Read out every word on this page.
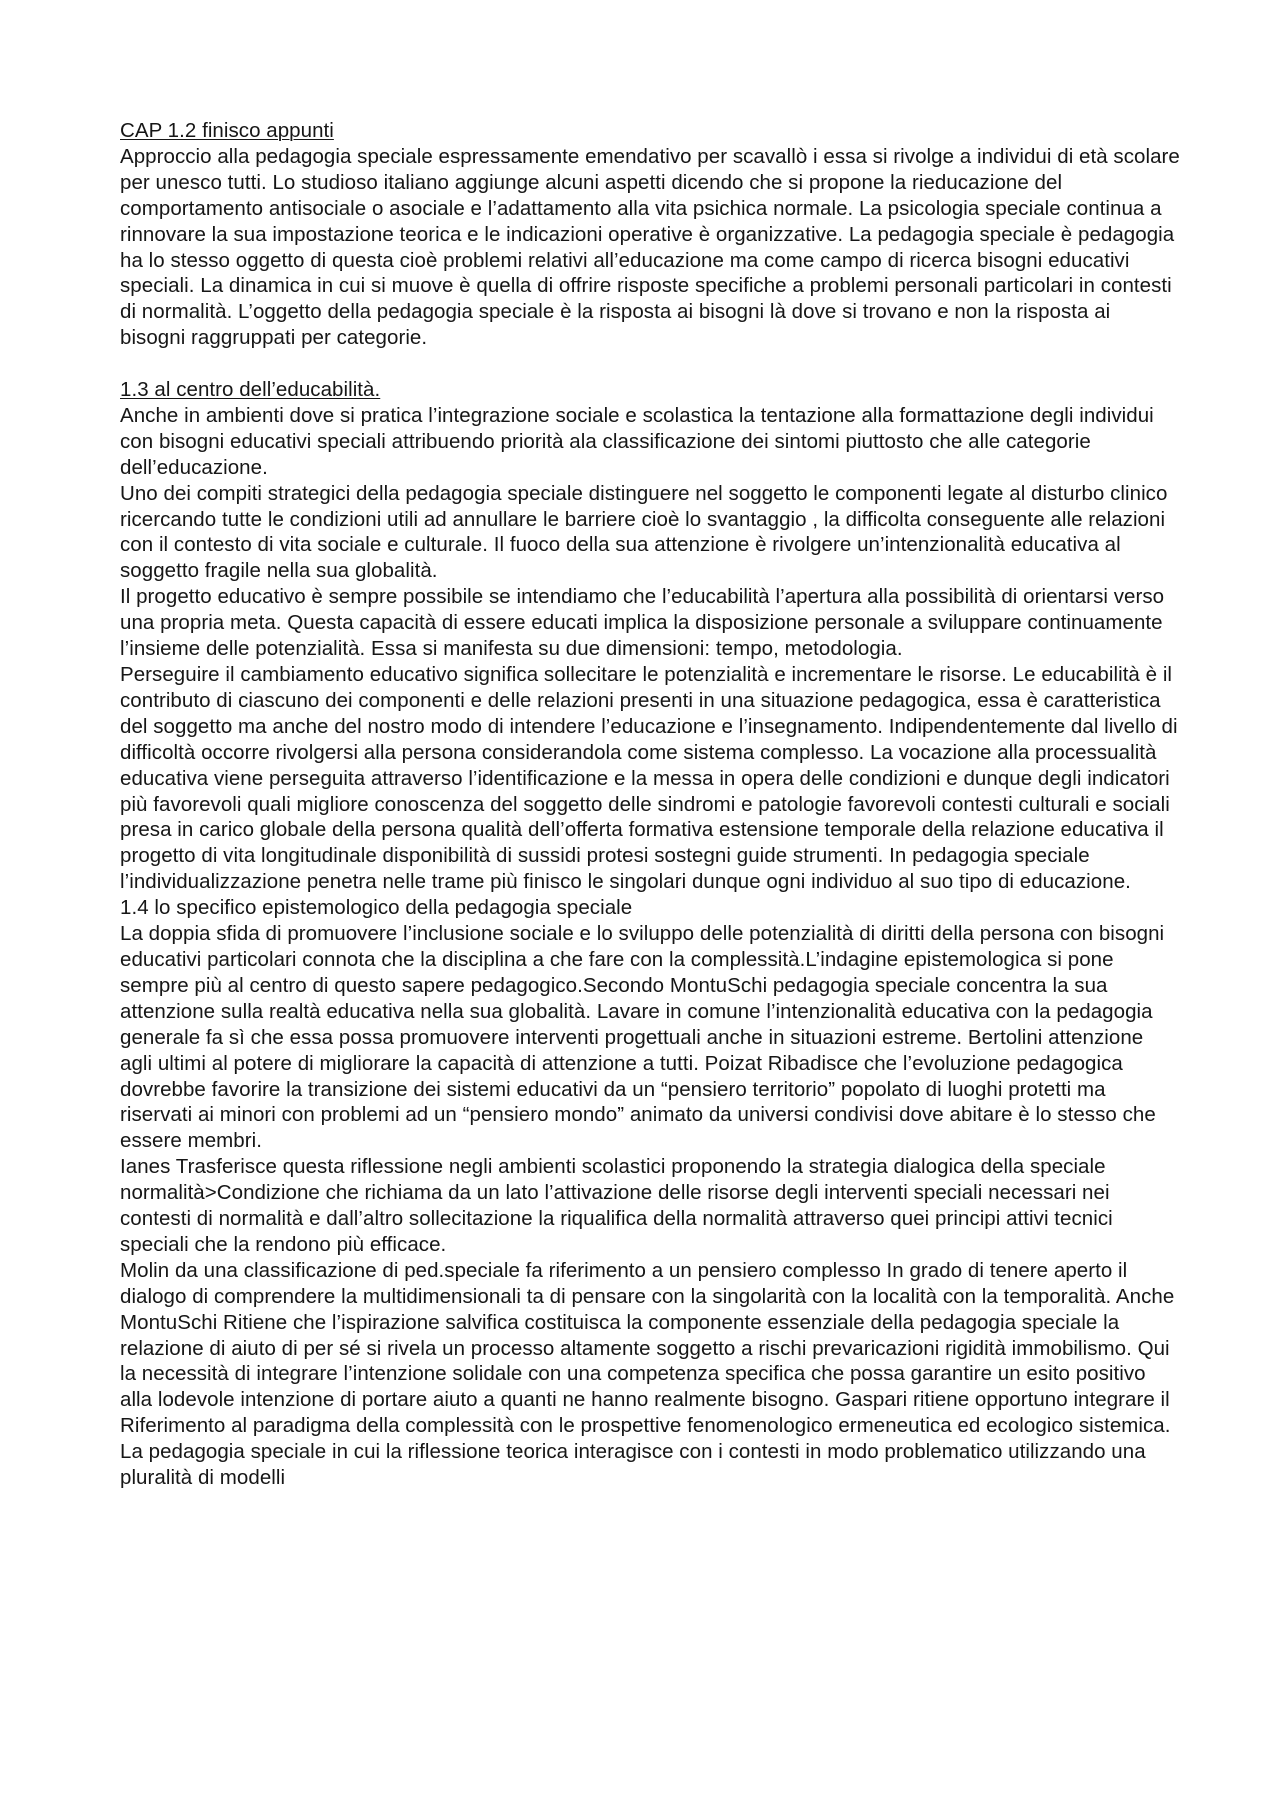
CAP 1.2 finisco appunti

Approccio alla pedagogia speciale espressamente emendativo per scavallò i essa si rivolge a individui di età scolare per unesco tutti. Lo studioso italiano aggiunge alcuni aspetti dicendo che si propone la rieducazione del comportamento antisociale o asociale e l’adattamento alla vita psichica normale. La psicologia speciale continua a rinnovare la sua impostazione teorica e le indicazioni operative è organizzative. La pedagogia speciale è pedagogia ha lo stesso oggetto di questa cioè problemi relativi all’educazione ma come campo di ricerca bisogni educativi speciali. La dinamica in cui si muove è quella di offrire risposte specifiche a problemi personali particolari in contesti di normalità. L’oggetto della pedagogia speciale è la risposta ai bisogni là dove si trovano e non la risposta ai bisogni raggruppati per categorie.

1.3 al centro dell’educabilità.

Anche in ambienti dove si pratica l’integrazione sociale e scolastica la tentazione alla formattazione degli individui con bisogni educativi speciali attribuendo priorità ala classificazione dei sintomi piuttosto che alle categorie dell’educazione.

Uno dei compiti strategici della pedagogia speciale distinguere nel soggetto le componenti legate al disturbo clinico ricercando tutte le condizioni utili ad annullare le barriere cioè lo svantaggio , la difficolta conseguente alle relazioni con il contesto di vita sociale e culturale. Il fuoco della sua attenzione è rivolgere un’intenzionalità educativa al soggetto fragile nella sua globalità.

Il progetto educativo è sempre possibile se intendiamo che l’educabilità l’apertura alla possibilità di orientarsi verso una propria meta. Questa capacità di essere educati implica la disposizione personale a sviluppare continuamente l’insieme delle potenzialità. Essa si manifesta su due dimensioni: tempo, metodologia.

Perseguire il cambiamento educativo significa sollecitare le potenzialità e incrementare le risorse. Le educabilità è il contributo di ciascuno dei componenti e delle relazioni presenti in una situazione pedagogica, essa è caratteristica del soggetto ma anche del nostro modo di intendere l’educazione e l’insegnamento. Indipendentemente dal livello di difficoltà occorre rivolgersi alla persona considerandola come sistema complesso. La vocazione alla processualità educativa viene perseguita attraverso l’identificazione e la messa in opera delle condizioni e dunque degli indicatori più favorevoli quali migliore conoscenza del soggetto delle sindromi e patologie favorevoli contesti culturali e sociali presa in carico globale della persona qualità dell’offerta formativa estensione temporale della relazione educativa il progetto di vita longitudinale disponibilità di sussidi protesi sostegni guide strumenti. In pedagogia speciale l’individualizzazione penetra nelle trame più finisco le singolari dunque ogni individuo al suo tipo di educazione.

1.4 lo specifico epistemologico della pedagogia speciale

La doppia sfida di promuovere l’inclusione sociale e lo sviluppo delle potenzialità di diritti della persona con bisogni educativi particolari connota che la disciplina a che fare con la complessità.L’indagine epistemologica si pone sempre più al centro di questo sapere pedagogico.Secondo MontuSchi pedagogia speciale concentra la sua attenzione sulla realtà educativa nella sua globalità. Lavare in comune l’intenzionalità educativa con la pedagogia generale fa sì che essa possa promuovere interventi progettuali anche in situazioni estreme. Bertolini attenzione agli ultimi al potere di migliorare la capacità di attenzione a tutti. Poizat Ribadisce che l’evoluzione pedagogica dovrebbe favorire la transizione dei sistemi educativi da un “pensiero territorio” popolato di luoghi protetti ma riservati ai minori con problemi ad un “pensiero mondo” animato da universi condivisi dove abitare è lo stesso che essere membri.

Ianes Trasferisce questa riflessione negli ambienti scolastici proponendo la strategia dialogica della speciale normalità>Condizione che richiama da un lato l’attivazione delle risorse degli interventi speciali necessari nei contesti di normalità e dall’altro sollecitazione la riqualifica della normalità attraverso quei principi attivi tecnici speciali che la rendono più efficace.

Molin da una classificazione di ped.speciale fa riferimento a un pensiero complesso In grado di tenere aperto il dialogo di comprendere la multidimensionali ta di pensare con la singolarità con la località con la temporalità. Anche MontuSchi Ritiene che l’ispirazione salvifica costituisca la componente essenziale della pedagogia speciale la relazione di aiuto di per sé si rivela un processo altamente soggetto a rischi prevaricazioni rigidità immobilismo. Qui la necessità di integrare l’intenzione solidale con una competenza specifica che possa garantire un esito positivo alla lodevole intenzione di portare aiuto a quanti ne hanno realmente bisogno. Gaspari ritiene opportuno integrare il Riferimento al paradigma della complessità con le prospettive fenomenologico ermeneutica ed ecologico sistemica. La pedagogia speciale in cui la riflessione teorica interagisce con i contesti in modo problematico utilizzando una pluralità di modelli
